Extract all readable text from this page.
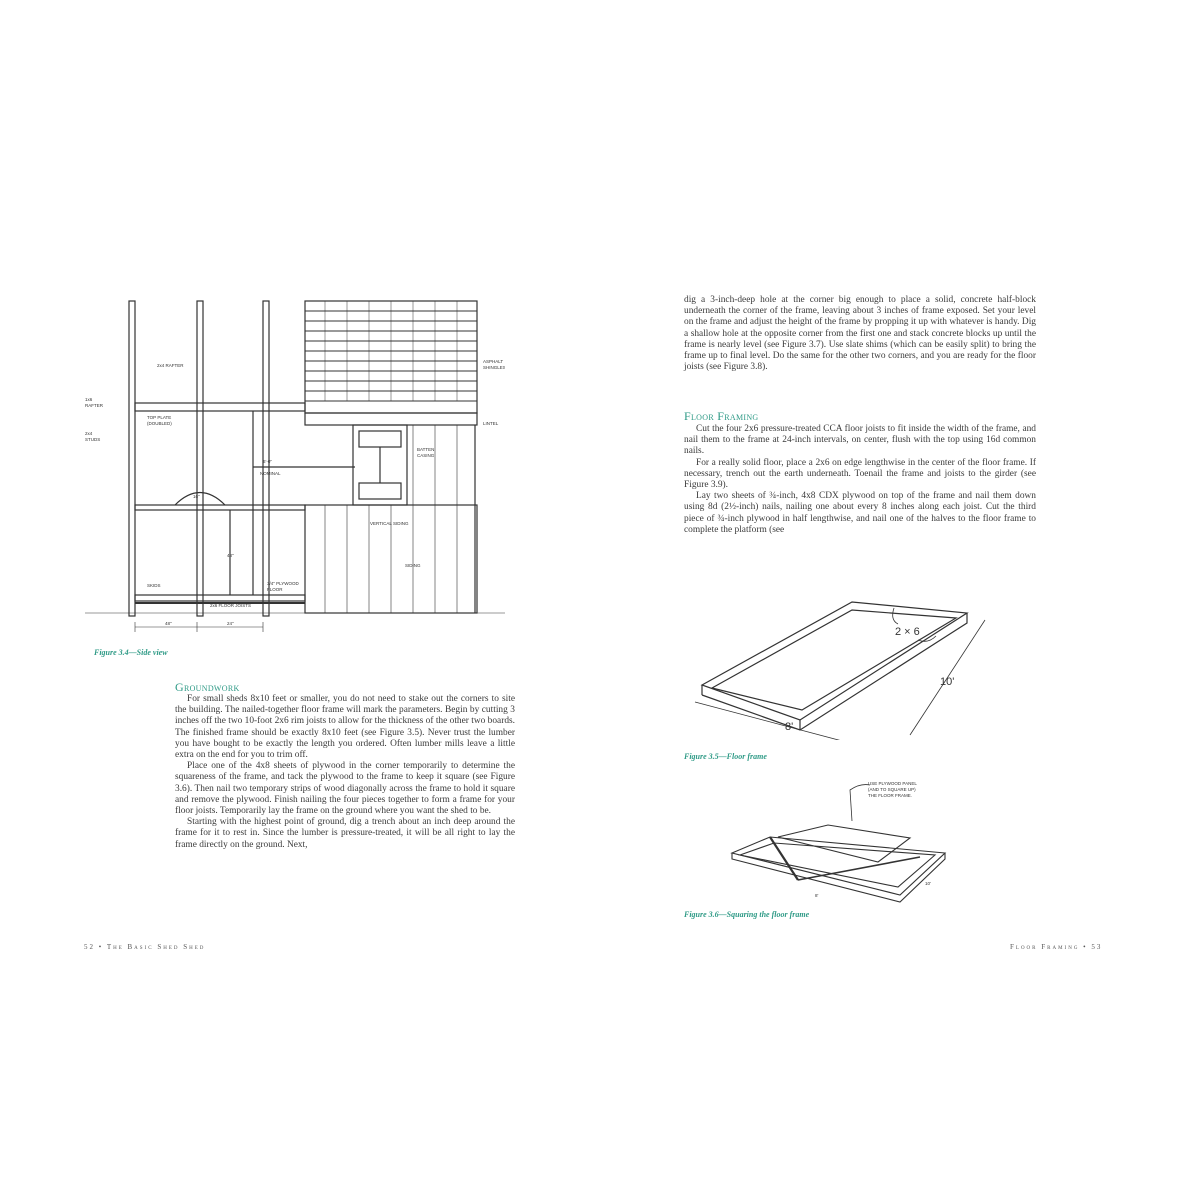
2x4 RAFTER
TOP PLATE
(DOUBLED)
6'-0"
NOMINAL
16"
48"
SKIDS	3/4" PLYWOOD
FLOOR
2x6 FLOOR JOISTS
ASPHALT
SHINGLES
LINTEL
BATTEN
CASING
VERTICAL SIDING
SIDING
1x6
RAFTER
2x4
STUDS
48"	24"
Figure 3.4—Side view
Groundwork

For small sheds 8x10 feet or smaller, you do not need to stake out the corners to site the building. The nailed-together floor frame will mark the parameters. Begin by cutting 3 inches off the two 10-foot 2x6 rim joists to allow for the thickness of the other two boards. The finished frame should be exactly 8x10 feet (see Figure 3.5). Never trust the lumber you have bought to be exactly the length you ordered. Often lumber mills leave a little extra on the end for you to trim off.

Place one of the 4x8 sheets of plywood in the corner temporarily to determine the squareness of the frame, and tack the plywood to the frame to keep it square (see Figure 3.6). Then nail two temporary strips of wood diagonally across the frame to hold it square and remove the plywood. Finish nailing the four pieces together to form a frame for your floor joists. Temporarily lay the frame on the ground where you want the shed to be.

Starting with the highest point of ground, dig a trench about an inch deep around the frame for it to rest in. Since the lumber is pressure-treated, it will be all right to lay the frame directly on the ground. Next,

52 • The Basic Shed Shed

dig a 3-inch-deep hole at the corner big enough to place a solid, concrete half-block underneath the corner of the frame, leaving about 3 inches of frame exposed. Set your level on the frame and adjust the height of the frame by propping it up with whatever is handy. Dig a shallow hole at the opposite corner from the first one and stack concrete blocks up until the frame is nearly level (see Figure 3.7). Use slate shims (which can be easily split) to bring the frame up to final level. Do the same for the other two corners, and you are ready for the floor joists (see Figure 3.8).

Floor Framing

Cut the four 2x6 pressure-treated CCA floor joists to fit inside the width of the frame, and nail them to the frame at 24-inch intervals, on center, flush with the top using 16d common nails.

For a really solid floor, place a 2x6 on edge lengthwise in the center of the floor frame. If necessary, trench out the earth underneath. Toenail the frame and joists to the girder (see Figure 3.9).

Lay two sheets of ¾-inch, 4x8 CDX plywood on top of the frame and nail them down using 8d (2½-inch) nails, nailing one about every 8 inches along each joist. Cut the third piece of ¾-inch plywood in half lengthwise, and nail one of the halves to the floor frame to complete the platform (see

2 × 6
10'
8'
Figure 3.5—Floor frame
USE PLYWOOD PANEL
(AND TO SQUARE UP)
THE FLOOR FRAME.
10'
8'
Figure 3.6—Squaring the floor frame
Floor Framing • 53
